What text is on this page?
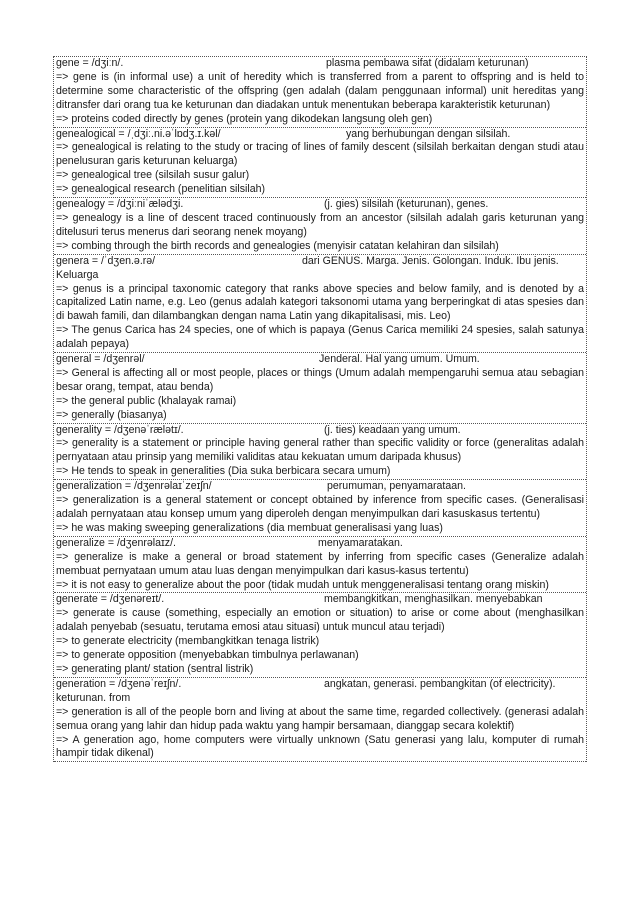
gene = /dʒiːn/.	plasma pembawa sifat (didalam keturunan)
=> gene is (in informal use) a unit of heredity which is transferred from a parent to offspring and is held to determine some characteristic of the offspring (gen adalah (dalam penggunaan informal) unit hereditas yang ditransfer dari orang tua ke keturunan dan diadakan untuk menentukan beberapa karakteristik keturunan)
=> proteins coded directly by genes (protein yang dikodekan langsung oleh gen)
genealogical = /ˌdʒiː.ni.əˈlɒdʒ.ɪ.kəl/	yang berhubungan dengan silsilah.
=> genealogical is relating to the study or tracing of lines of family descent (silsilah berkaitan dengan studi atau penelusuran garis keturunan keluarga)
=> genealogical tree (silsilah susur galur)
=> genealogical research (penelitian silsilah)
genealogy = /dʒiːniˈælədʒi.	(j. gies) silsilah (keturunan), genes.
=> genealogy is a line of descent traced continuously from an ancestor (silsilah adalah garis keturunan yang ditelusuri terus menerus dari seorang nenek moyang)
=> combing through the birth records and genealogies (menyisir catatan kelahiran dan silsilah)
genera = /ˈdʒen.ə.rə/	dari GENUS. Marga. Jenis. Golongan. Induk. Ibu jenis.
Keluarga
=> genus is a principal taxonomic category that ranks above species and below family, and is denoted by a capitalized Latin name, e.g. Leo (genus adalah kategori taksonomi utama yang berperingkat di atas spesies dan di bawah famili, dan dilambangkan dengan nama Latin yang dikapitalisasi, mis. Leo)
=> The genus Carica has 24 species, one of which is papaya (Genus Carica memiliki 24 spesies, salah satunya adalah pepaya)
general = /dʒenrəl/	Jenderal. Hal yang umum. Umum.
=> General is affecting all or most people, places or things (Umum adalah mempengaruhi semua atau sebagian besar orang, tempat, atau benda)
=> the general public (khalayak ramai)
=> generally (biasanya)
generality = /dʒenəˈrælətɪ/.	(j. ties) keadaan yang umum.
=> generality is a statement or principle having general rather than specific validity or force (generalitas adalah pernyataan atau prinsip yang memiliki validitas atau kekuatan umum daripada khusus)
=> He tends to speak in generalities (Dia suka berbicara secara umum)
generalization = /dʒenrəlaɪˈzeɪʃn/	perumuman, penyamarataan.
=> generalization is a general statement or concept obtained by inference from specific cases. (Generalisasi adalah pernyataan atau konsep umum yang diperoleh dengan menyimpulkan dari kasuskasus tertentu)
=> he was making sweeping generalizations (dia membuat generalisasi yang luas)
generalize = /dʒenrəlaɪz/.	menyamaratakan.
=> generalize is make a general or broad statement by inferring from specific cases (Generalize adalah membuat pernyataan umum atau luas dengan menyimpulkan dari kasus-kasus tertentu)
=> it is not easy to generalize about the poor (tidak mudah untuk menggeneralisasi tentang orang miskin)
generate = /dʒenəreɪt/.	membangkitkan, menghasilkan. menyebabkan
=> generate is cause (something, especially an emotion or situation) to arise or come about (menghasilkan adalah penyebab (sesuatu, terutama emosi atau situasi) untuk muncul atau terjadi)
=> to generate electricity (membangkitkan tenaga listrik)
=> to generate opposition (menyebabkan timbulnya perlawanan)
=> generating plant/ station (sentral listrik)
generation = /dʒenəˈreɪʃn/.	angkatan, generasi. pembangkitan (of electricity).
keturunan. from
=> generation is all of the people born and living at about the same time, regarded collectively. (generasi adalah semua orang yang lahir dan hidup pada waktu yang hampir bersamaan, dianggap secara kolektif)
=> A generation ago, home computers were virtually unknown (Satu generasi yang lalu, komputer di rumah hampir tidak dikenal)
